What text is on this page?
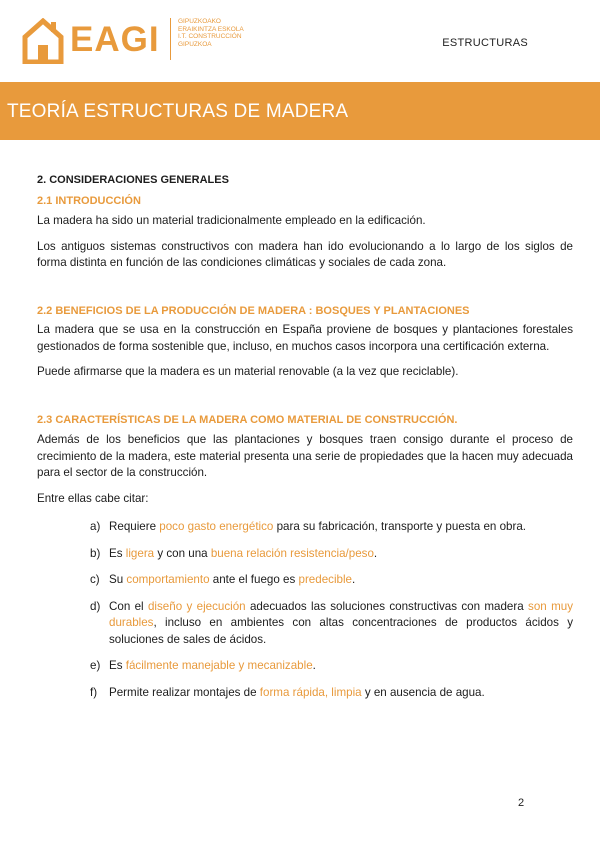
EAGI	GIPUZKOAKO
ERAIKINTZA ESKOLA
I.T. CONSTRUCCIÓN
GIPUZKOA	ESTRUCTURAS
TEORÍA ESTRUCTURAS DE MADERA
2. CONSIDERACIONES GENERALES
2.1 INTRODUCCIÓN

La madera ha sido un material tradicionalmente empleado en la edificación.

Los antiguos sistemas constructivos con madera han ido evolucionando a lo largo de los siglos de forma distinta en función de las condiciones climáticas y sociales de cada zona.

2.2 BENEFICIOS DE LA PRODUCCIÓN DE MADERA : BOSQUES Y PLANTACIONES

La madera que se usa en la construcción en España proviene de bosques y plantaciones forestales gestionados de forma sostenible que, incluso, en muchos casos incorpora una certificación externa.

Puede afirmarse que la madera es un material renovable (a la vez que reciclable).

2.3 CARACTERÍSTICAS DE LA MADERA COMO MATERIAL DE CONSTRUCCIÓN.

Además de los beneficios que las plantaciones y bosques traen consigo durante el proceso de crecimiento de la madera, este material presenta una serie de propiedades que la hacen muy adecuada para el sector de la construcción.

Entre ellas cabe citar:

a) Requiere poco gasto energético para su fabricación, transporte y puesta en obra.
b) Es ligera y con una buena relación resistencia/peso.
c) Su comportamiento ante el fuego es predecible.
d) Con el diseño y ejecución adecuados las soluciones constructivas con madera son muy durables, incluso en ambientes con altas concentraciones de productos ácidos y soluciones de sales de ácidos.
e) Es fácilmente manejable y mecanizable.
f) Permite realizar montajes de forma rápida, limpia y en ausencia de agua.
2
